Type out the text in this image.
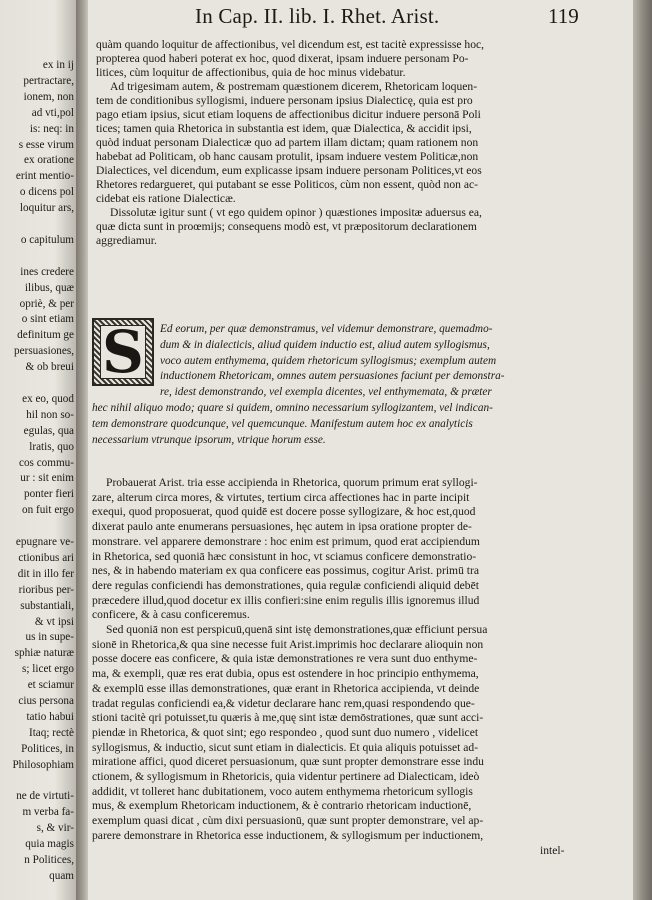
ex in ij
pertractare,
ionem, non
ad vti,pol
is: neq: in
s esse virum
ex oratione
erint mentio-
o dicens pol
loquitur ars,
o capitulum
ines credere
ilibus, quæ
opriè, & per
o sint etiam
definitum ge
persuasiones,
& ob breui
ex eo, quod
hil non so-
egulas, qua
lratis, quo
cos commu-
ur : sit enim
ponter fieri
on fuit ergo
epugnare ve-
ctionibus ari
dit in illo fer
rioribus per-
substantiali,
& vt ipsi
us in supe-
sphiæ naturæ
s; licet ergo
et sciamur
cius persona
tatio habui
Itaq; rectè
Politices, in
Philosophiam
ne de virtuti-
m verba fa-
s, & vir-
quia magis
n Politices,
quam
In Cap. II. lib. I. Rhet. Arist.	119
S
quàm quando loquitur de affectionibus, vel dicendum est, est tacitè expressisse hoc,
propterea quod haberi poterat ex hoc, quod dixerat, ipsam induere personam Po-
litices, cùm loquitur de affectionibus, quia de hoc minus videbatur.
Ad trigesimam autem, & postremam quæstionem dicerem, Rhetoricam loquen-
tem de conditionibus syllogismi, induere personam ipsius Dialecticę, quia est pro
pago etiam ipsius, sicut etiam loquens de affectionibus dicitur induere personā Poli
tices; tamen quia Rhetorica in substantia est idem, quæ Dialectica, & accidit ipsi,
quòd induat personam Dialecticæ quo ad partem illam dictam; quam rationem non
habebat ad Politicam, ob hanc causam protulit, ipsam induere vestem Politicæ,non
Dialectices, vel dicendum, eum explicasse ipsam induere personam Politices,vt eos
Rhetores redargueret, qui putabant se esse Politicos, cùm non essent, quòd non ac-
cidebat eis ratione Dialecticæ.
Dissolutæ igitur sunt ( vt ego quidem opinor ) quæstiones impositæ aduersus ea,
quæ dicta sunt in proœmijs; consequens modò est, vt præpositorum declarationem
aggrediamur.
Ed eorum, per quæ demonstramus, vel videmur demonstrare, quemadmo-
dum & in dialecticis, aliud quidem inductio est, aliud autem syllogismus,
voco autem enthymema, quidem rhetoricum syllogismus; exemplum autem
inductionem Rhetoricam, omnes autem persuasiones faciunt per demonstra-
re, idest demonstrando, vel exempla dicentes, vel enthymemata, & præter
hec nihil aliquo modo; quare si quidem, omnino necessarium syllogizantem, vel indican-
tem demonstrare quodcunque, vel quemcunque. Manifestum autem hoc ex analyticis
necessarium vtrunque ipsorum, vtrique horum esse.
Probauerat Arist. tria esse accipienda in Rhetorica, quorum primum erat syllogi-
zare, alterum circa mores, & virtutes, tertium circa affectiones hac in parte incipit
exequi, quod proposuerat, quod quidē est docere posse syllogizare, & hoc est,quod
dixerat paulo ante enumerans persuasiones, hęc autem in ipsa oratione propter de-
monstrare. vel apparere demonstrare : hoc enim est primum, quod erat accipiendum
in Rhetorica, sed quoniā hæc consistunt in hoc, vt sciamus conficere demonstratio-
nes, & in habendo materiam ex qua conficere eas possimus, cogitur Arist. primū tra
dere regulas conficiendi has demonstrationes, quia regulæ conficiendi aliquid debēt
præcedere illud,quod docetur ex illis confieri:sine enim regulis illis ignoremus illud
conficere, & à casu conficeremus.
Sed quoniā non est perspicuū,quenā sint istę demonstrationes,quæ efficiunt persua
sionē in Rhetorica,& qua sine necesse fuit Arist.imprimis hoc declarare alioquin non
posse docere eas conficere, & quia istæ demonstrationes re vera sunt duo enthyme-
ma, & exempli, quæ res erat dubia, opus est ostendere in hoc principio enthymema,
& exemplū esse illas demonstrationes, quæ erant in Rhetorica accipienda, vt deinde
tradat regulas conficiendi ea,& videtur declarare hanc rem,quasi respondendo que-
stioni tacitè qri potuisset,tu quæris à me,quę sint istæ demōstrationes, quæ sunt acci-
piendæ in Rhetorica, & quot sint; ego respondeo , quod sunt duo numero , videlicet
syllogismus, & inductio, sicut sunt etiam in dialecticis. Et quia aliquis potuisset ad-
miratione affici, quod diceret persuasionum, quæ sunt propter demonstrare esse indu
ctionem, & syllogismum in Rhetoricis, quia videntur pertinere ad Dialecticam, ideò
addidit, vt tolleret hanc dubitationem, voco autem enthymema rhetoricum syllogis
mus, & exemplum Rhetoricam inductionem, & è contrario rhetoricam inductionē,
exemplum quasi dicat , cùm dixi persuasionū, quæ sunt propter demonstrare, vel ap-
parere demonstrare in Rhetorica esse inductionem, & syllogismum per inductionem,
intel-
